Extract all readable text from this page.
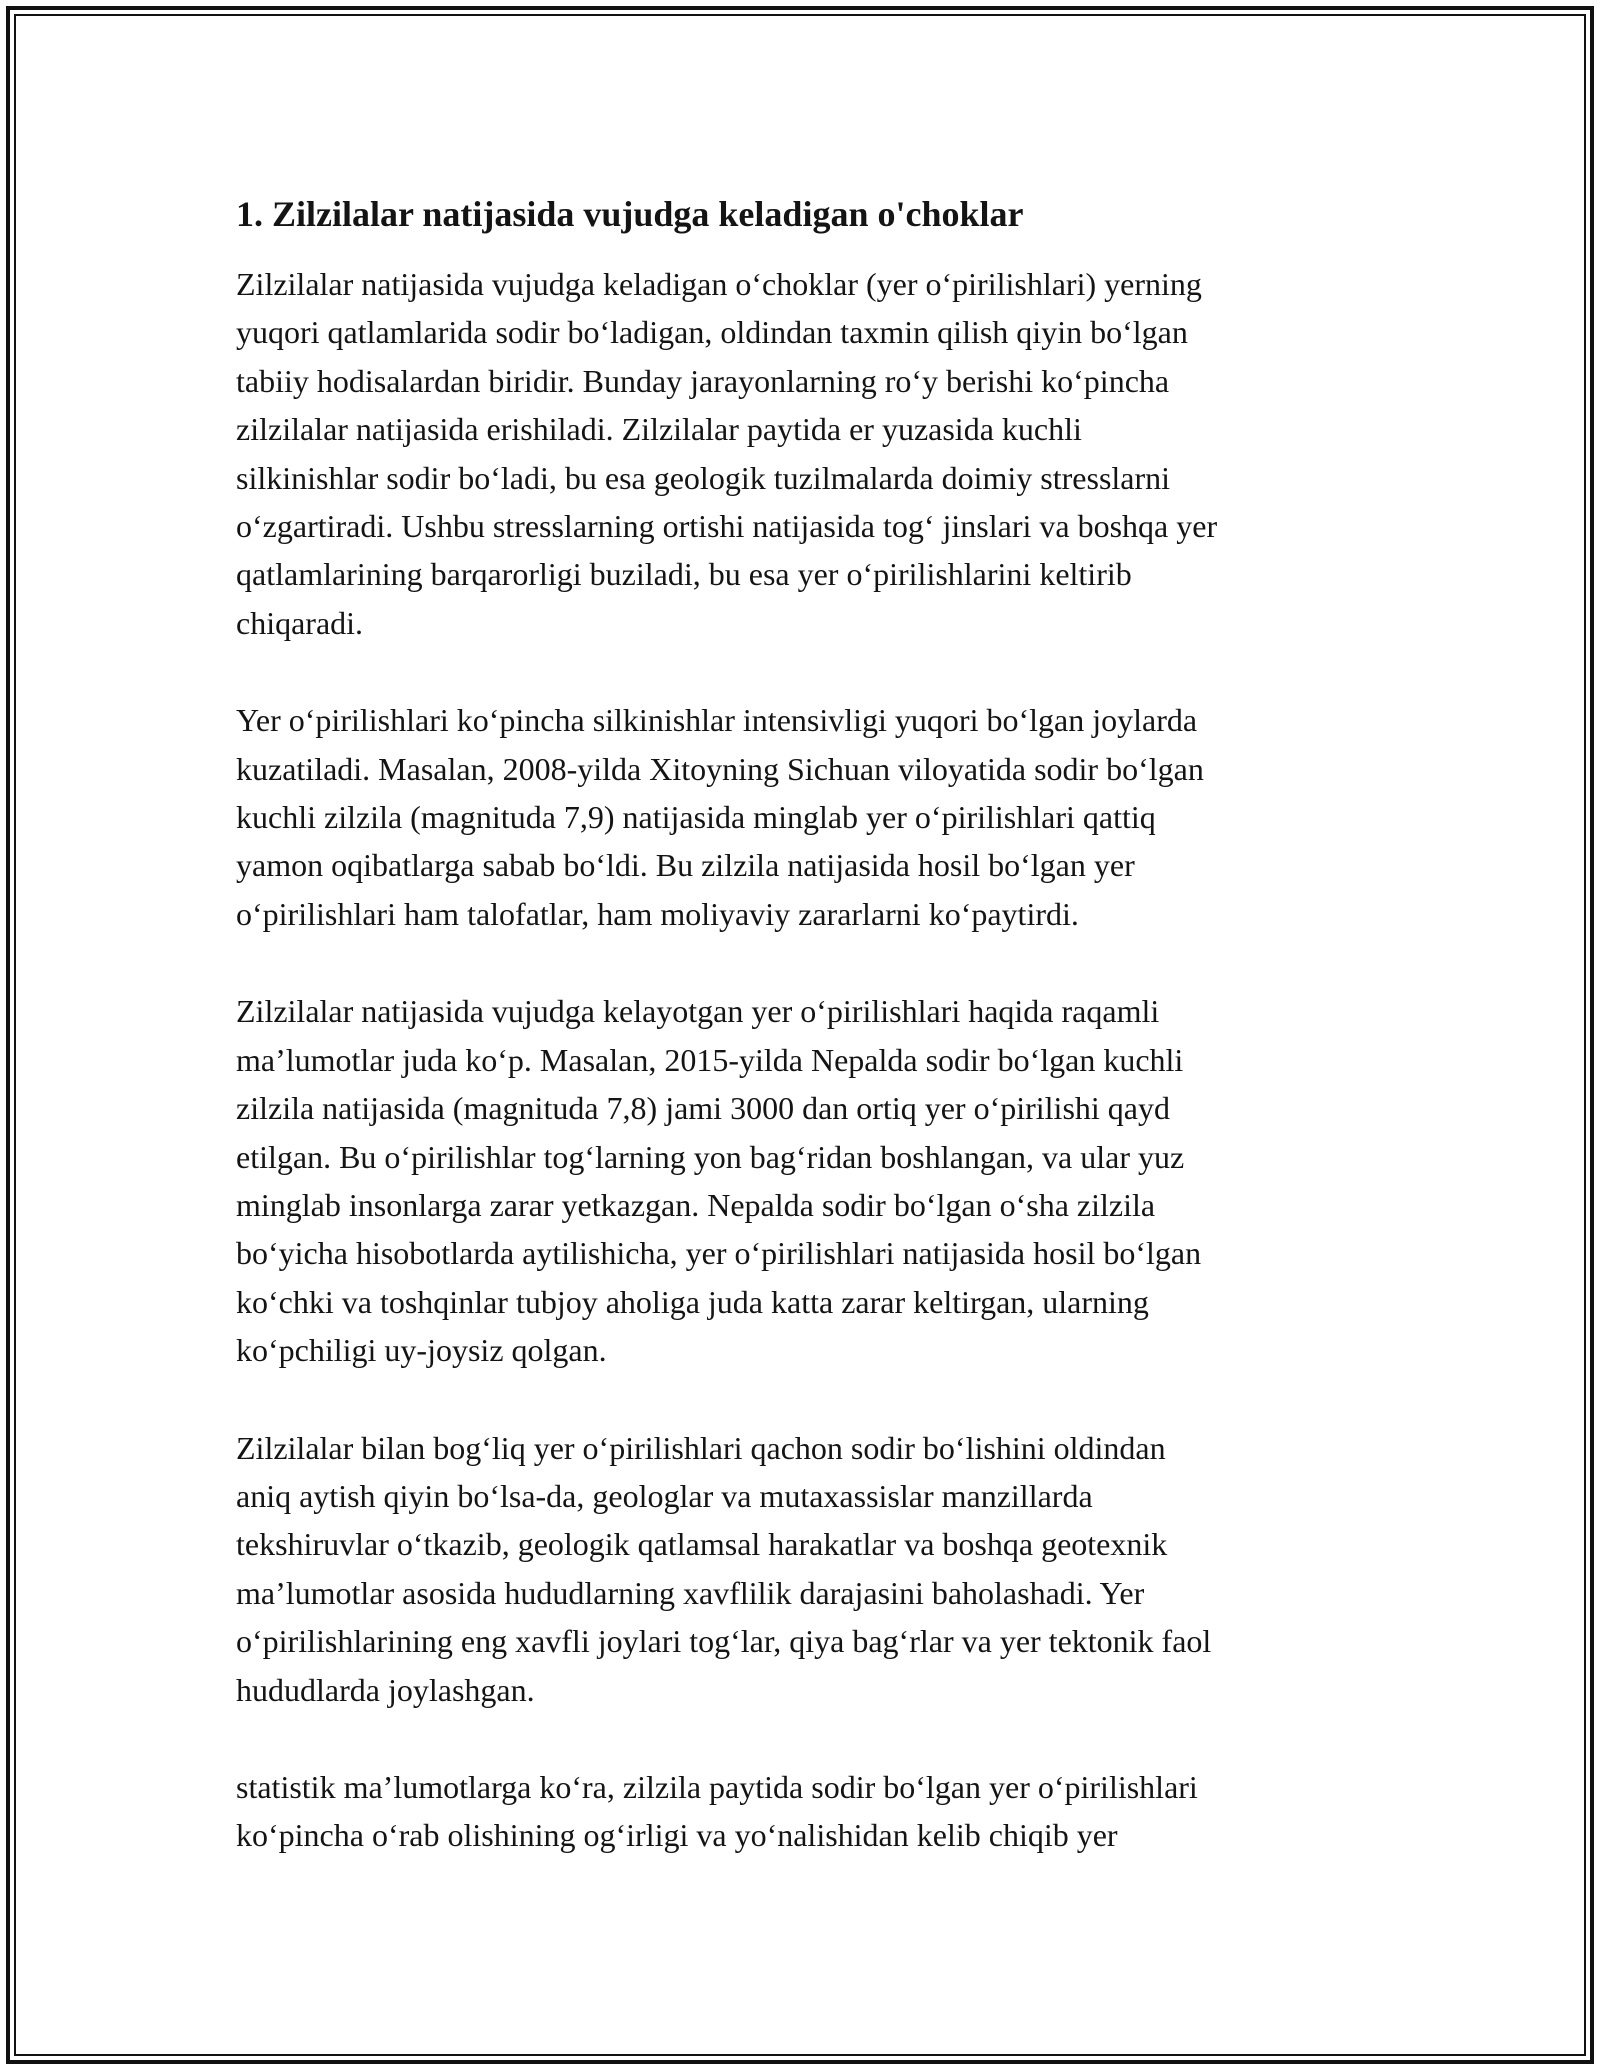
1. Zilzilalar natijasida vujudga keladigan o'choklar

Zilzilalar natijasida vujudga keladigan o‘choklar (yer o‘pirilishlari) yerning
yuqori qatlamlarida sodir bo‘ladigan, oldindan taxmin qilish qiyin bo‘lgan
tabiiy hodisalardan biridir. Bunday jarayonlarning ro‘y berishi ko‘pincha
zilzilalar natijasida erishiladi. Zilzilalar paytida er yuzasida kuchli
silkinishlar sodir bo‘ladi, bu esa geologik tuzilmalarda doimiy stresslarni
o‘zgartiradi. Ushbu stresslarning ortishi natijasida tog‘ jinslari va boshqa yer
qatlamlarining barqarorligi buziladi, bu esa yer o‘pirilishlarini keltirib
chiqaradi.

Yer o‘pirilishlari ko‘pincha silkinishlar intensivligi yuqori bo‘lgan joylarda
kuzatiladi. Masalan, 2008-yilda Xitoyning Sichuan viloyatida sodir bo‘lgan
kuchli zilzila (magnituda 7,9) natijasida minglab yer o‘pirilishlari qattiq
yamon oqibatlarga sabab bo‘ldi. Bu zilzila natijasida hosil bo‘lgan yer
o‘pirilishlari ham talofatlar, ham moliyaviy zararlarni ko‘paytirdi.

Zilzilalar natijasida vujudga kelayotgan yer o‘pirilishlari haqida raqamli
ma’lumotlar juda ko‘p. Masalan, 2015-yilda Nepalda sodir bo‘lgan kuchli
zilzila natijasida (magnituda 7,8) jami 3000 dan ortiq yer o‘pirilishi qayd
etilgan. Bu o‘pirilishlar tog‘larning yon bag‘ridan boshlangan, va ular yuz
minglab insonlarga zarar yetkazgan. Nepalda sodir bo‘lgan o‘sha zilzila
bo‘yicha hisobotlarda aytilishicha, yer o‘pirilishlari natijasida hosil bo‘lgan
ko‘chki va toshqinlar tubjoy aholiga juda katta zarar keltirgan, ularning
ko‘pchiligi uy-joysiz qolgan.

Zilzilalar bilan bog‘liq yer o‘pirilishlari qachon sodir bo‘lishini oldindan
aniq aytish qiyin bo‘lsa-da, geologlar va mutaxassislar manzillarda
tekshiruvlar o‘tkazib, geologik qatlamsal harakatlar va boshqa geotexnik
ma’lumotlar asosida hududlarning xavflilik darajasini baholashadi. Yer
o‘pirilishlarining eng xavfli joylari tog‘lar, qiya bag‘rlar va yer tektonik faol
hududlarda joylashgan.

statistik ma’lumotlarga ko‘ra, zilzila paytida sodir bo‘lgan yer o‘pirilishlari
ko‘pincha o‘rab olishining og‘irligi va yo‘nalishidan kelib chiqib yer
